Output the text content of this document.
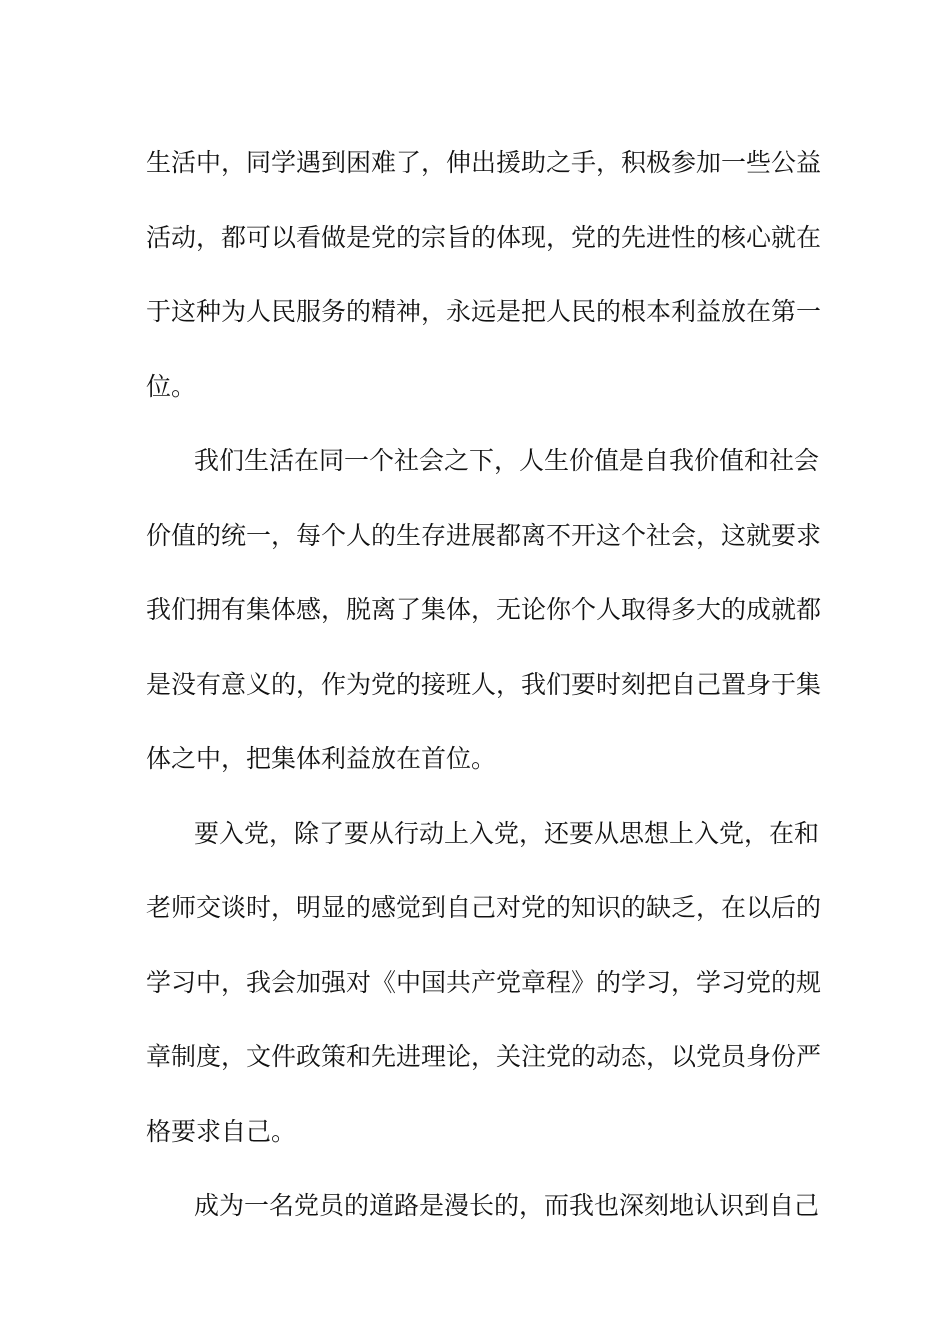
生活中，同学遇到困难了，伸出援助之手，积极参加一些公益
活动，都可以看做是党的宗旨的体现，党的先进性的核心就在
于这种为人民服务的精神，永远是把人民的根本利益放在第一
位。
我们生活在同一个社会之下，人生价值是自我价值和社会
价值的统一，每个人的生存进展都离不开这个社会，这就要求
我们拥有集体感，脱离了集体，无论你个人取得多大的成就都
是没有意义的，作为党的接班人，我们要时刻把自己置身于集
体之中，把集体利益放在首位。
要入党，除了要从行动上入党，还要从思想上入党，在和
老师交谈时，明显的感觉到自己对党的知识的缺乏，在以后的
学习中，我会加强对《中国共产党章程》的学习，学习党的规
章制度，文件政策和先进理论，关注党的动态，以党员身份严
格要求自己。
成为一名党员的道路是漫长的，而我也深刻地认识到自己
